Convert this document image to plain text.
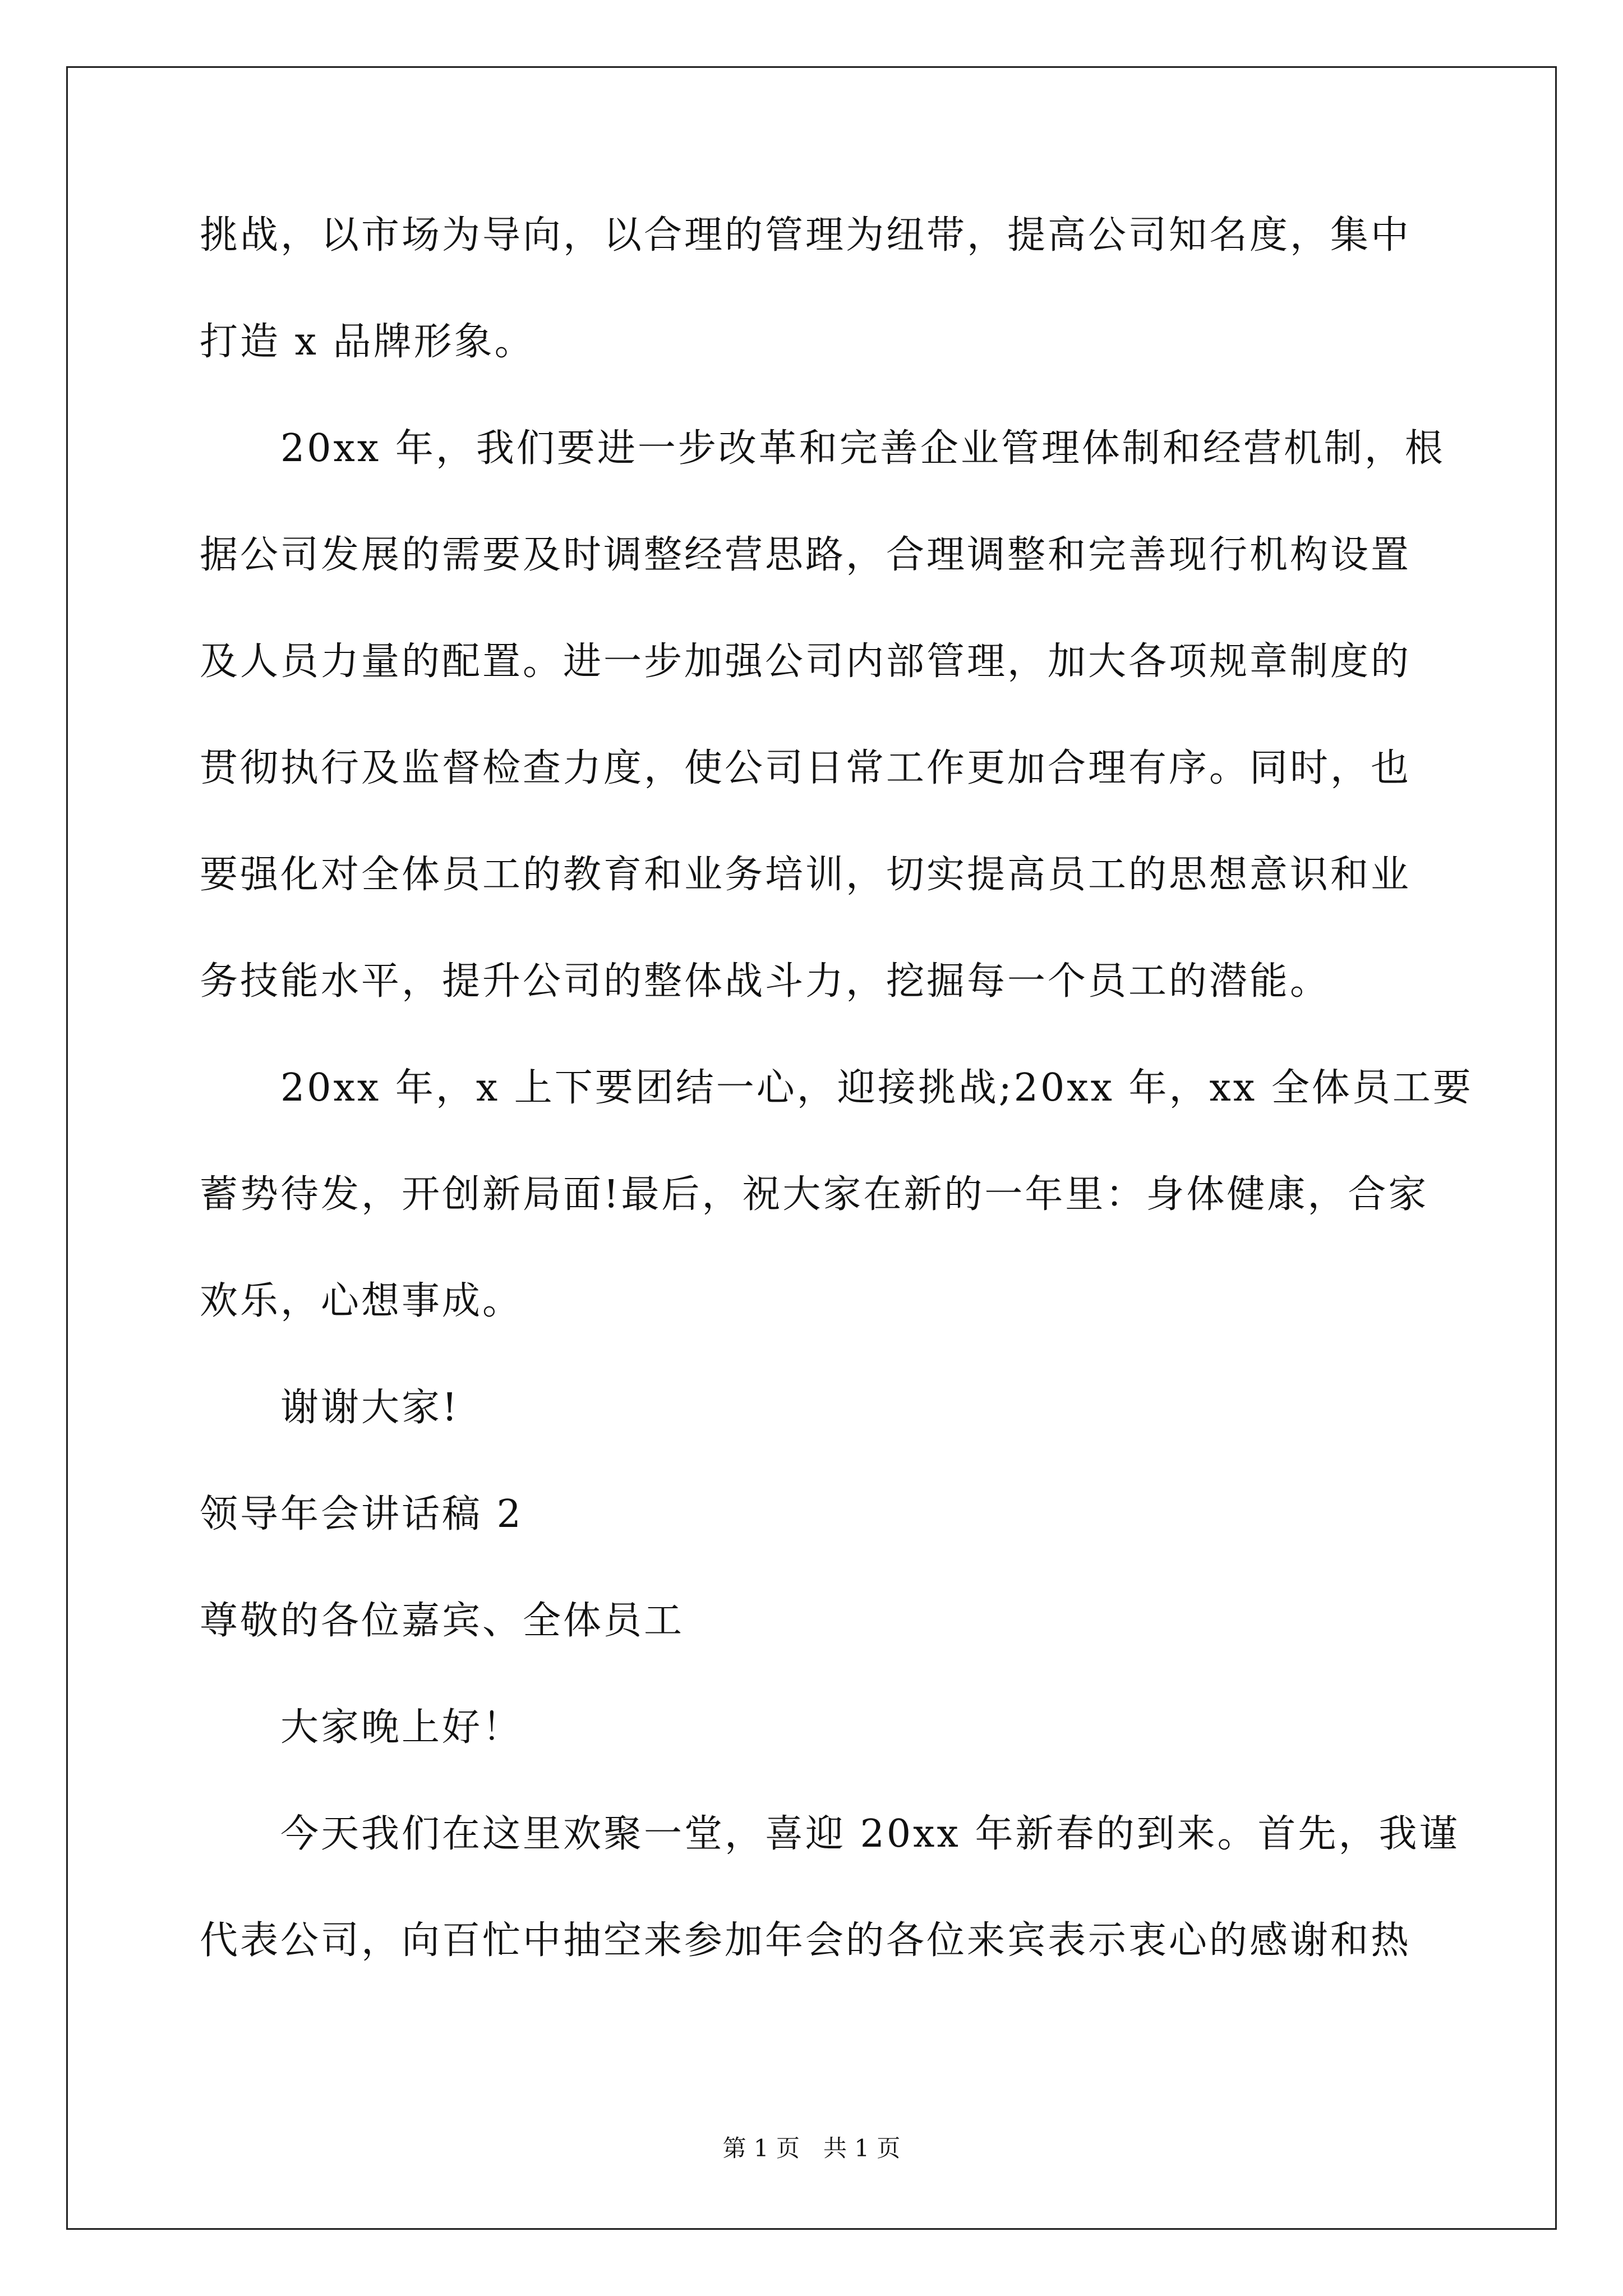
挑战，以市场为导向，以合理的管理为纽带，提高公司知名度，集中
打造 x 品牌形象。
20xx 年，我们要进一步改革和完善企业管理体制和经营机制，根
据公司发展的需要及时调整经营思路，合理调整和完善现行机构设置
及人员力量的配置。进一步加强公司内部管理，加大各项规章制度的
贯彻执行及监督检查力度，使公司日常工作更加合理有序。同时，也
要强化对全体员工的教育和业务培训，切实提高员工的思想意识和业
务技能水平，提升公司的整体战斗力，挖掘每一个员工的潜能。
20xx 年，x 上下要团结一心，迎接挑战;20xx 年，xx 全体员工要
蓄势待发，开创新局面!最后，祝大家在新的一年里：身体健康，合家
欢乐，心想事成。
谢谢大家!
领导年会讲话稿 2
尊敬的各位嘉宾、全体员工
大家晚上好！
今天我们在这里欢聚一堂，喜迎 20xx 年新春的到来。首先，我谨
代表公司，向百忙中抽空来参加年会的各位来宾表示衷心的感谢和热
第 1 页　共 1 页
